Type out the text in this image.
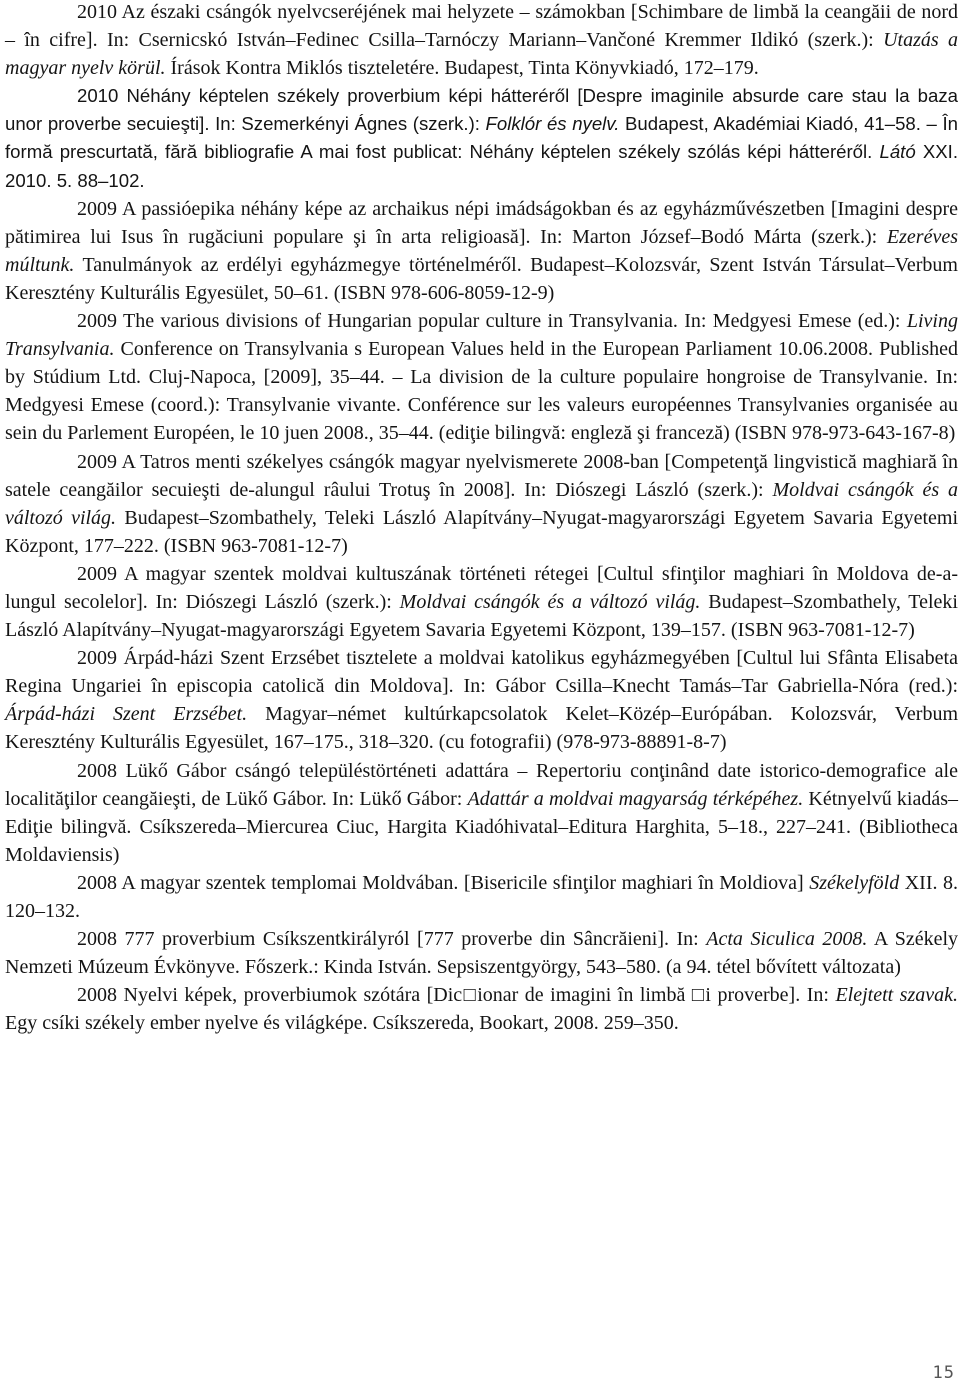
2010 Az északi csángók nyelvcseréjének mai helyzete – számokban [Schimbare de limbă la ceangăii de nord – în cifre]. In: Csernicskó István–Fedinec Csilla–Tarnóczy Mariann–Vančoné Kremmer Ildikó (szerk.): Utazás a magyar nyelv körül. Írások Kontra Miklós tiszteletére. Budapest, Tinta Könyvkiadó, 172–179.

2010 Néhány képtelen székely proverbium képi hátteréről [Despre imaginile absurde care stau la baza unor proverbe secuieşti]. In: Szemerkényi Ágnes (szerk.): Folklór és nyelv. Budapest, Akadémiai Kiadó, 41–58. – În formă prescurtată, fără bibliografie A mai fost publicat: Néhány képtelen székely szólás képi hátteréről. Látó XXI. 2010. 5. 88–102.

2009 A passióepika néhány képe az archaikus népi imádságokban és az egyházművészetben [Imagini despre pătimirea lui Isus în rugăciuni populare şi în arta religioasă]. In: Marton József–Bodó Márta (szerk.): Ezeréves múltunk. Tanulmányok az erdélyi egyházmegye történelméről. Budapest–Kolozsvár, Szent István Társulat–Verbum Keresztény Kulturális Egyesület, 50–61. (ISBN 978-606-8059-12-9)

2009 The various divisions of Hungarian popular culture in Transylvania. In: Medgyesi Emese (ed.): Living Transylvania. Conference on Transylvania s European Values held in the European Parliament 10.06.2008. Published by Stúdium Ltd. Cluj-Napoca, [2009], 35–44. – La division de la culture populaire hongroise de Transylvanie. In: Medgyesi Emese (coord.): Transylvanie vivante. Conférence sur les valeurs européennes Transylvanies organisée au sein du Parlement Européen, le 10 juen 2008., 35–44. (ediţie bilingvă: engleză şi franceză) (ISBN 978-973-643-167-8)

2009 A Tatros menti székelyes csángók magyar nyelvismerete 2008-ban [Competenţă lingvistică maghiară în satele ceangăilor secuieşti de-alungul râului Trotuş în 2008]. In: Diószegi László (szerk.): Moldvai csángók és a változó világ. Budapest–Szombathely, Teleki László Alapítvány–Nyugat-magyarországi Egyetem Savaria Egyetemi Központ, 177–222. (ISBN 963-7081-12-7)

2009 A magyar szentek moldvai kultuszának történeti rétegei [Cultul sfinţilor maghiari în Moldova de-a-lungul secolelor]. In: Diószegi László (szerk.): Moldvai csángók és a változó világ. Budapest–Szombathely, Teleki László Alapítvány–Nyugat-magyarországi Egyetem Savaria Egyetemi Központ, 139–157. (ISBN 963-7081-12-7)

2009 Árpád-házi Szent Erzsébet tisztelete a moldvai katolikus egyházmegyében [Cultul lui Sfânta Elisabeta Regina Ungariei în episcopia catolică din Moldova]. In: Gábor Csilla–Knecht Tamás–Tar Gabriella-Nóra (red.): Árpád-házi Szent Erzsébet. Magyar–német kultúrkapcsolatok Kelet–Közép–Európában. Kolozsvár, Verbum Keresztény Kulturális Egyesület, 167–175., 318–320. (cu fotografii) (978-973-88891-8-7)

2008 Lükő Gábor csángó településtörténeti adattára – Repertoriu conţinând date istorico-demografice ale localităţilor ceangăieşti, de Lükő Gábor. In: Lükő Gábor: Adattár a moldvai magyarság térképéhez. Kétnyelvű kiadás–Ediţie bilingvă. Csíkszereda–Miercurea Ciuc, Hargita Kiadóhivatal–Editura Harghita, 5–18., 227–241. (Bibliotheca Moldaviensis)

2008 A magyar szentek templomai Moldvában. [Bisericile sfinţilor maghiari în Moldiova] Székelyföld XII. 8. 120–132.

2008 777 proverbium Csíkszentkirályról [777 proverbe din Sâncrăieni]. In: Acta Siculica 2008. A Székely Nemzeti Múzeum Évkönyve. Főszerk.: Kinda István. Sepsiszentgyörgy, 543–580. (a 94. tétel bővített változata)

2008 Nyelvi képek, proverbiumok szótára [Dic□ionar de imagini în limbă □i proverbe]. In: Elejtett szavak. Egy csíki székely ember nyelve és világképe. Csíkszereda, Bookart, 2008. 259–350.

15
